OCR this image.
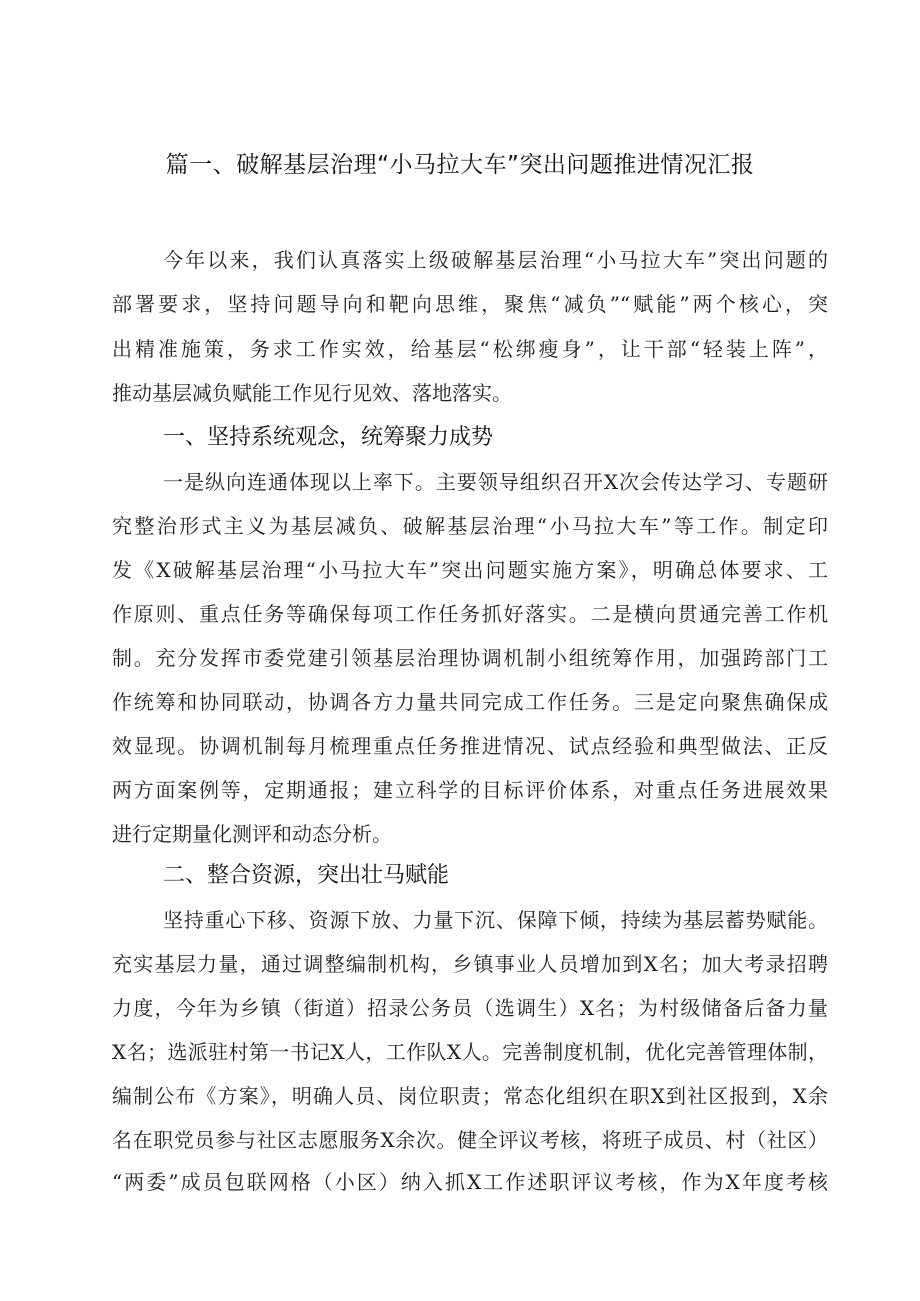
篇一、破解基层治理“小马拉大车”突出问题推进情况汇报
今年以来，我们认真落实上级破解基层治理“小马拉大车”突出问题的
部署要求，坚持问题导向和靶向思维，聚焦“减负”“赋能”两个核心，突
出精准施策，务求工作实效，给基层“松绑瘦身”，让干部“轻装上阵”，
推动基层减负赋能工作见行见效、落地落实。
一、坚持系统观念，统筹聚力成势
一是纵向连通体现以上率下。主要领导组织召开X次会传达学习、专题研
究整治形式主义为基层减负、破解基层治理“小马拉大车”等工作。制定印
发《X破解基层治理“小马拉大车”突出问题实施方案》，明确总体要求、工
作原则、重点任务等确保每项工作任务抓好落实。二是横向贯通完善工作机
制。充分发挥市委党建引领基层治理协调机制小组统筹作用，加强跨部门工
作统筹和协同联动，协调各方力量共同完成工作任务。三是定向聚焦确保成
效显现。协调机制每月梳理重点任务推进情况、试点经验和典型做法、正反
两方面案例等，定期通报；建立科学的目标评价体系，对重点任务进展效果
进行定期量化测评和动态分析。
二、整合资源，突出壮马赋能
坚持重心下移、资源下放、力量下沉、保障下倾，持续为基层蓄势赋能。
充实基层力量，通过调整编制机构，乡镇事业人员增加到X名；加大考录招聘
力度，今年为乡镇（街道）招录公务员（选调生）X名；为村级储备后备力量
X名；选派驻村第一书记X人，工作队X人。完善制度机制，优化完善管理体制，
编制公布《方案》，明确人员、岗位职责；常态化组织在职X到社区报到，X余
名在职党员参与社区志愿服务X余次。健全评议考核，将班子成员、村（社区）
“两委”成员包联网格（小区）纳入抓X工作述职评议考核，作为X年度考核
